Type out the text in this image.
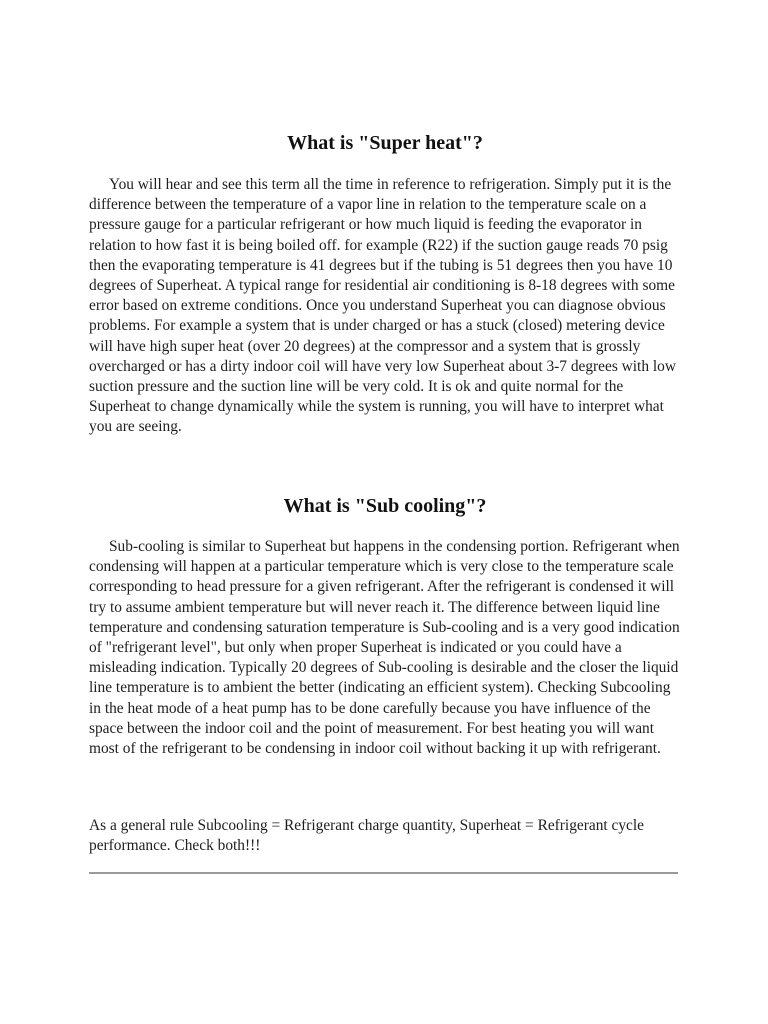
What is "Super heat"?

You will hear and see this term all the time in reference to refrigeration. Simply put it is the difference between the temperature of a vapor line in relation to the temperature scale on a pressure gauge for a particular refrigerant or how much liquid is feeding the evaporator in relation to how fast it is being boiled off. for example (R22) if the suction gauge reads 70 psig then the evaporating temperature is 41 degrees but if the tubing is 51 degrees then you have 10 degrees of Superheat. A typical range for residential air conditioning is 8-18 degrees with some error based on extreme conditions. Once you understand Superheat you can diagnose obvious problems. For example a system that is under charged or has a stuck (closed) metering device will have high super heat (over 20 degrees) at the compressor and a system that is grossly overcharged or has a dirty indoor coil will have very low Superheat about 3-7 degrees with low suction pressure and the suction line will be very cold. It is ok and quite normal for the Superheat to change dynamically while the system is running, you will have to interpret what you are seeing.

What is "Sub cooling"?

Sub-cooling is similar to Superheat but happens in the condensing portion. Refrigerant when condensing will happen at a particular temperature which is very close to the temperature scale corresponding to head pressure for a given refrigerant. After the refrigerant is condensed it will try to assume ambient temperature but will never reach it. The difference between liquid line temperature and condensing saturation temperature is Sub-cooling and is a very good indication of "refrigerant level", but only when proper Superheat is indicated or you could have a misleading indication. Typically 20 degrees of Sub-cooling is desirable and the closer the liquid line temperature is to ambient the better (indicating an efficient system). Checking Subcooling in the heat mode of a heat pump has to be done carefully because you have influence of the space between the indoor coil and the point of measurement. For best heating you will want most of the refrigerant to be condensing in indoor coil without backing it up with refrigerant.

As a general rule Subcooling = Refrigerant charge quantity, Superheat = Refrigerant cycle performance. Check both!!!
